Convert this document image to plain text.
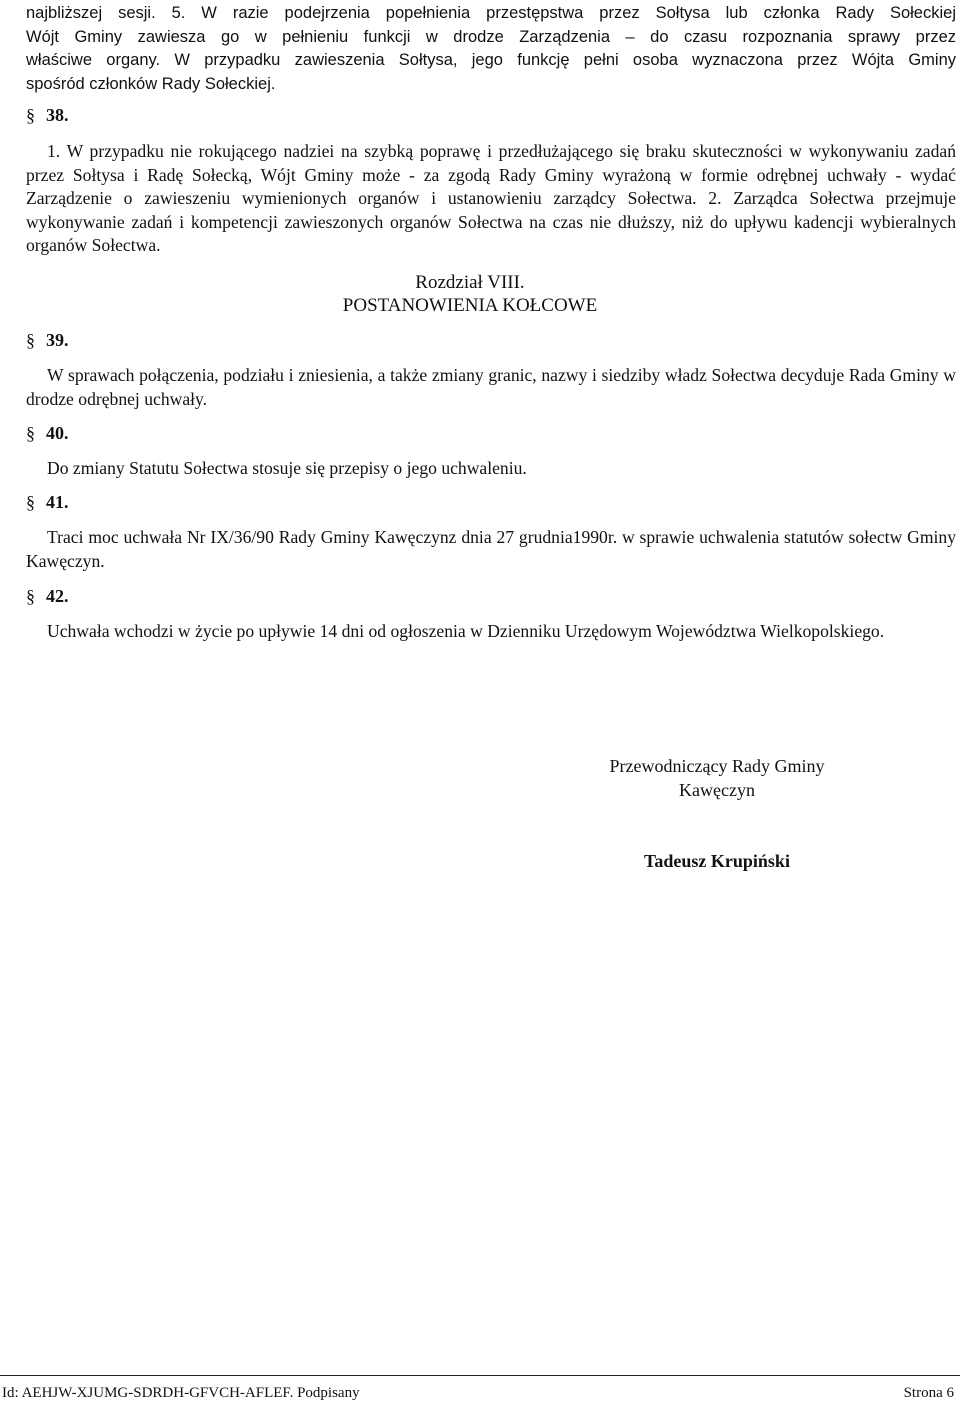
najbliższej sesji. 5. W razie podejrzenia popełnienia przestępstwa przez Sołtysa lub członka Rady Sołeckiej
Wójt Gminy zawiesza go w pełnieniu funkcji w drodze Zarządzenia – do czasu rozpoznania sprawy przez
właściwe organy. W przypadku zawieszenia Sołtysa, jego funkcję pełni osoba wyznaczona przez Wójta Gminy
spośród członków Rady Sołeckiej.

§ 38.

1. W przypadku nie rokującego nadziei na szybką poprawę i przedłużającego się braku skuteczności w wykonywaniu zadań przez Sołtysa i Radę Sołecką, Wójt Gminy może - za zgodą Rady Gminy wyrażoną w formie odrębnej uchwały - wydać Zarządzenie o zawieszeniu wymienionych organów i ustanowieniu zarządcy Sołectwa. 2. Zarządca Sołectwa przejmuje wykonywanie zadań i kompetencji zawieszonych organów Sołectwa na czas nie dłuższy, niż do upływu kadencji wybieralnych organów Sołectwa.

Rozdział VIII.

POSTANOWIENIA KOŁCOWE

§ 39.

W sprawach połączenia, podziału i zniesienia, a także zmiany granic, nazwy i siedziby władz Sołectwa decyduje Rada Gminy w drodze odrębnej uchwały.

§ 40.

Do zmiany Statutu Sołectwa stosuje się przepisy o jego uchwaleniu.

§ 41.

Traci moc uchwała Nr IX/36/90 Rady Gminy Kawęczynz dnia 27 grudnia1990r. w sprawie uchwalenia statutów sołectw Gminy Kawęczyn.

§ 42.

Uchwała wchodzi w życie po upływie 14 dni od ogłoszenia w Dzienniku Urzędowym Województwa Wielkopolskiego.

Przewodniczący Rady Gminy

Kawęczyn

Tadeusz Krupiński

Id: AEHJW-XJUMG-SDRDH-GFVCH-AFLEF. Podpisany	Strona 6
